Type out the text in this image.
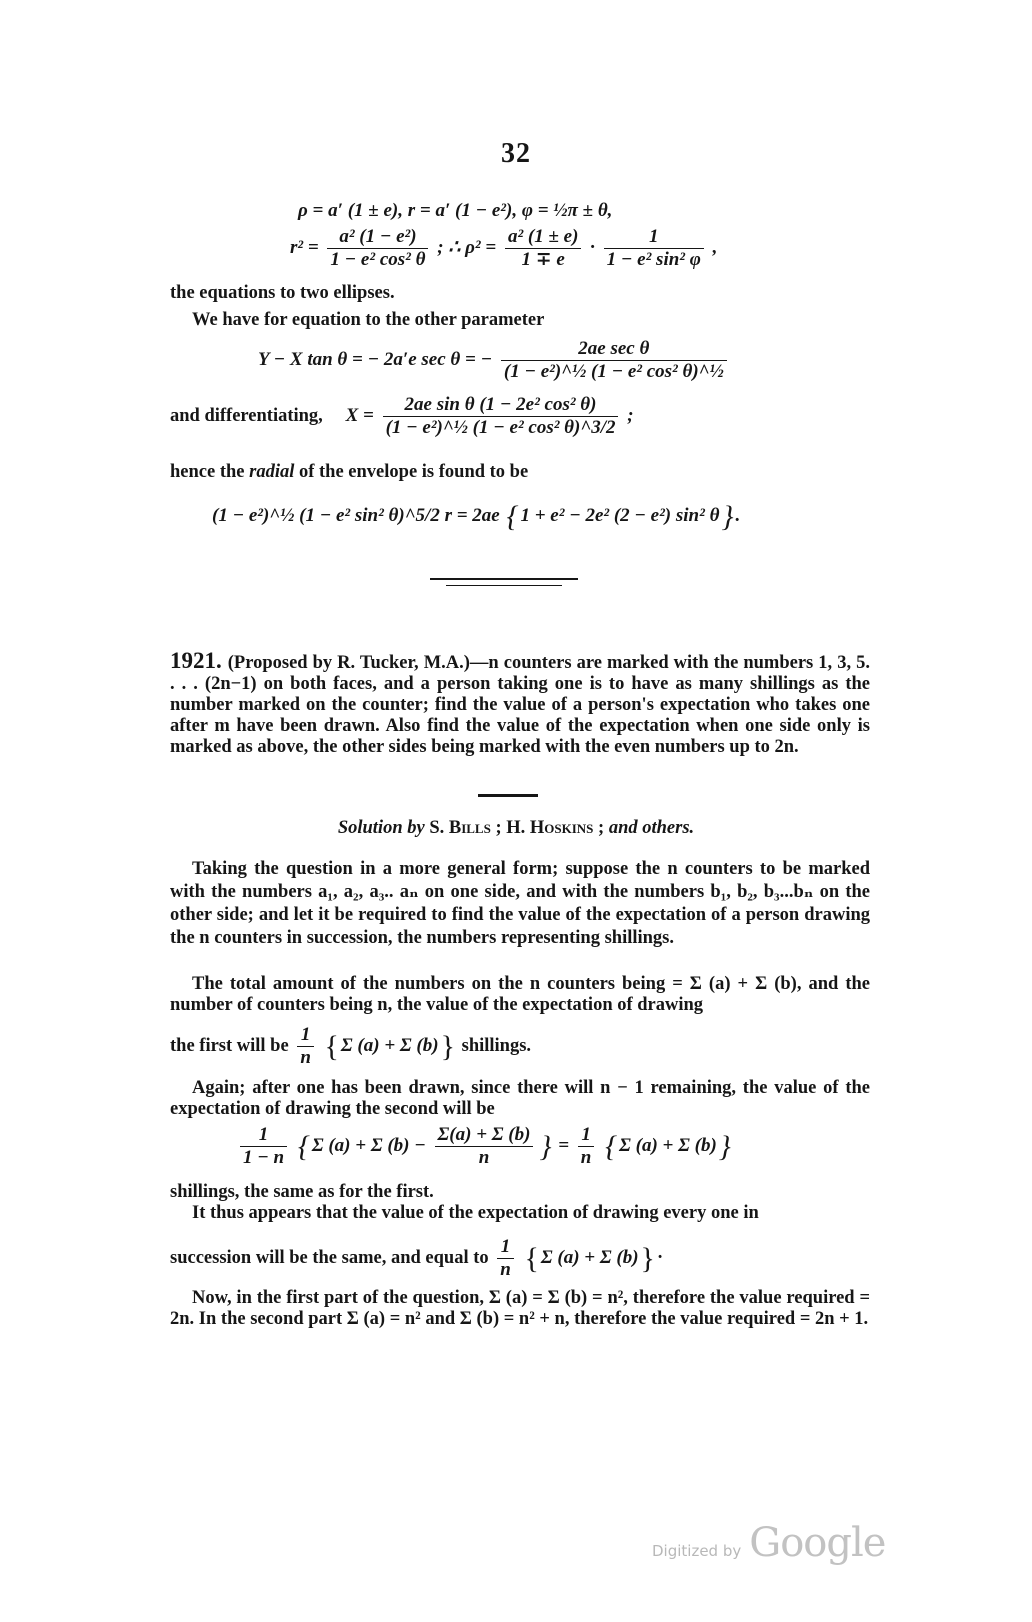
32
ρ = a′ (1 ± e), r = a′ (1 − e²), φ = ½π ± θ,
$r^2 = \frac{\text{a² (1 − e²)}}{\text{1 − e² cos² θ}}$ ; ∴ $\rho^2 = \frac{\text{a² (1 ± e)}}{1 \mp e} \cdot \frac{1}{\text{1 − e² sin² φ}}$ ,
the equations to two ellipses.
We have for equation to the other parameter
Y − X tan θ = − 2a′e sec θ = − $\frac{\text{2ae sec θ}}{\text{(1 − e²)\textasciicircum{}½ (1 − e² cos² θ)\textasciicircum{}½}}$
and differentiating, $X = \frac{\text{2ae sin θ (1 − 2e² cos² θ)}}{\text{(1 − e²)\textasciicircum{}½ (1 − e² cos² θ)\textasciicircum{}3/2}}$ ;
hence the radial of the envelope is found to be
(1 − e²)^½ (1 − e² sin² θ)^5/2 r = 2ae { 1 + e² − 2e² (2 − e²) sin² θ} .
1921. (Proposed by R. Tucker, M.A.)—n counters are marked with the numbers 1, 3, 5. . . . (2n−1) on both faces, and a person taking one is to have as many shillings as the number marked on the counter; find the value of a person's expectation who takes one after m have been drawn. Also find the value of the expectation when one side only is marked as above, the other sides being marked with the even numbers up to 2n.
Solution by S. Bills ; H. Hoskins ; and others.
Taking the question in a more general form; suppose the n counters to be marked with the numbers a₁, a₂, a₃.. aₙ on one side, and with the numbers b₁, b₂, b₃...bₙ on the other side; and let it be required to find the value of the expectation of a person drawing the n counters in succession, the numbers representing shillings.
The total amount of the numbers on the n counters being = Σ (a) + Σ (b), and the number of counters being n, the value of the expectation of drawing
the first will be $\frac{1}{n}$ { Σ (a) + Σ (b)} shillings.
Again; after one has been drawn, since there will n − 1 remaining, the value of the expectation of drawing the second will be
$\frac{1}{1 - n}$ { Σ (a) + Σ $(b) - \frac{\Sigma(a) + \Sigma (b)}{n}$ } = $\frac{1}{n}$ { Σ (a) + Σ (b)}
shillings, the same as for the first.
It thus appears that the value of the expectation of drawing every one in
succession will be the same, and equal to $\frac{1}{n}$ { Σ (a) + Σ (b)} ·
Now, in the first part of the question, Σ (a) = Σ (b) = n², therefore the value required = 2n. In the second part Σ (a) = n² and Σ (b) = n² + n, therefore the value required = 2n + 1.
Digitized by Google
